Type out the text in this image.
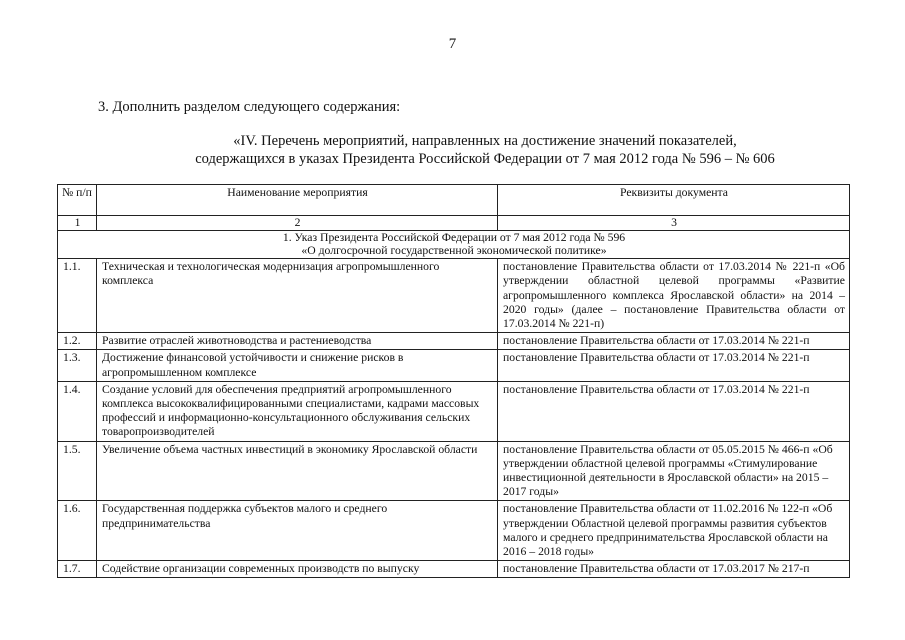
7
3. Дополнить разделом следующего содержания:
«IV. Перечень мероприятий, направленных на достижение значений показателей,
содержащихся в указах Президента Российской Федерации от 7 мая 2012 года № 596 – № 606
№ п/п	Наименование мероприятия	Реквизиты документа
1	2	3

1. Указ Президента Российской Федерации от 7 мая 2012 года № 596
«О долгосрочной государственной экономической политике»		

1.1.	Техническая и технологическая модернизация агропромышленного комплекса	постановление Правительства области от 17.03.2014 № 221-п «Об утверждении областной целевой программы «Развитие агропромышленного комплекса Ярославской области» на 2014 – 2020 годы» (далее – постановление Правительства области от 17.03.2014 № 221-п)
1.2.	Развитие отраслей животноводства и растениеводства	постановление Правительства области от 17.03.2014 № 221-п
1.3.	Достижение финансовой устойчивости и снижение рисков в агропромышленном комплексе	постановление Правительства области от 17.03.2014 № 221-п
1.4.	Создание условий для обеспечения предприятий агропромышленного комплекса высококвалифицированными специалистами, кадрами массовых профессий и информационно-консультационного обслуживания сельских товаропроизводителей	постановление Правительства области от 17.03.2014 № 221-п
1.5.	Увеличение объема частных инвестиций в экономику Ярославской области	постановление Правительства области от 05.05.2015 № 466-п «Об утверждении областной целевой программы «Стимулирование инвестиционной деятельности в Ярославской области» на 2015 – 2017 годы»
1.6.	Государственная поддержка субъектов малого и среднего предпринимательства	постановление Правительства области от 11.02.2016 № 122-п «Об утверждении Областной целевой программы развития субъектов малого и среднего предпринимательства Ярославской области на 2016 – 2018 годы»
1.7.	Содействие организации современных производств по выпуску	постановление Правительства области от 17.03.2017 № 217-п
